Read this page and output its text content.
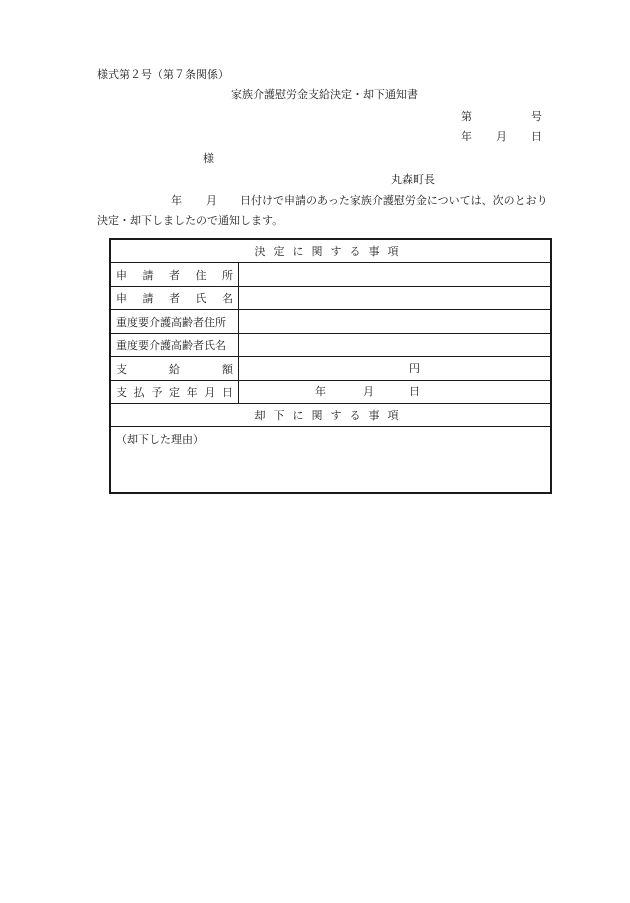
様式第２号（第７条関係）
家族介護慰労金支給決定・却下通知書
第	号
年 月 日
様
丸森町長
年 月 日付けで申請のあった家族介護慰労金については、次のとおり
決定・却下しましたので通知します。
決定に関する事項
申 請 者 住 所
申 請 者 氏 名
重度要介護高齢者住所
重度要介護高齢者氏名
支	給	額	円
支 払 予 定 年 月 日	年	月	日
却下に関する事項
（却下した理由）
